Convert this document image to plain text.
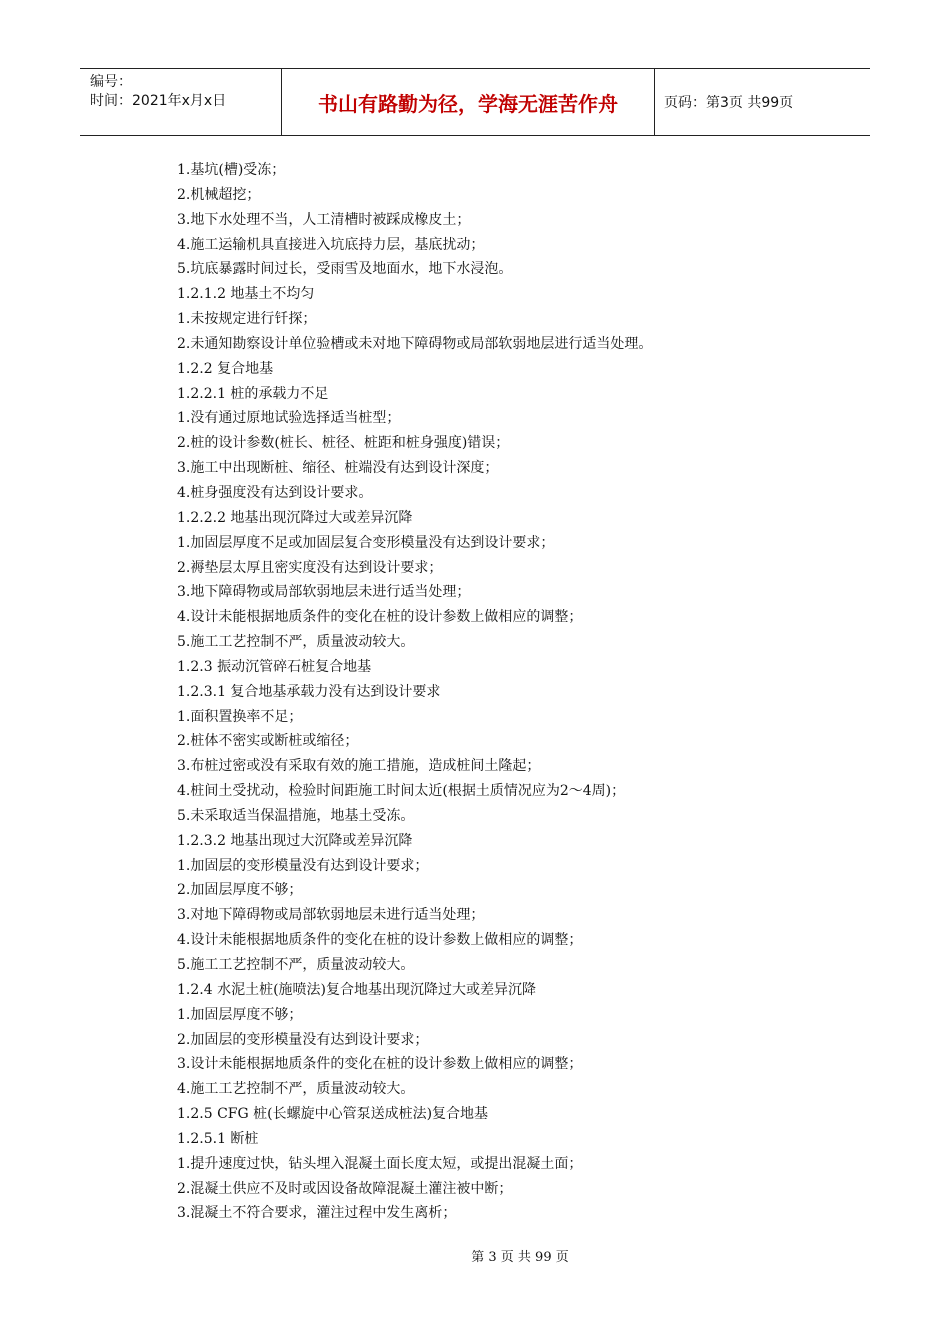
编号：
时间：2021年x月x日	书山有路勤为径，学海无涯苦作舟	页码：第3页 共99页
1.基坑(槽)受冻；
2.机械超挖；
3.地下水处理不当，人工清槽时被踩成橡皮土；
4.施工运输机具直接进入坑底持力层，基底扰动；
5.坑底暴露时间过长，受雨雪及地面水，地下水浸泡。
1.2.1.2 地基土不均匀
1.未按规定进行钎探；
2.未通知勘察设计单位验槽或未对地下障碍物或局部软弱地层进行适当处理。
1.2.2 复合地基
1.2.2.1 桩的承载力不足
1.没有通过原地试验选择适当桩型；
2.桩的设计参数(桩长、桩径、桩距和桩身强度)错误；
3.施工中出现断桩、缩径、桩端没有达到设计深度；
4.桩身强度没有达到设计要求。
1.2.2.2 地基出现沉降过大或差异沉降
1.加固层厚度不足或加固层复合变形模量没有达到设计要求；
2.褥垫层太厚且密实度没有达到设计要求；
3.地下障碍物或局部软弱地层未进行适当处理；
4.设计未能根据地质条件的变化在桩的设计参数上做相应的调整；
5.施工工艺控制不严，质量波动较大。
1.2.3 振动沉管碎石桩复合地基
1.2.3.1 复合地基承载力没有达到设计要求
1.面积置换率不足；
2.桩体不密实或断桩或缩径；
3.布桩过密或没有采取有效的施工措施，造成桩间土隆起；
4.桩间土受扰动，检验时间距施工时间太近(根据土质情况应为2～4周)；
5.未采取适当保温措施，地基土受冻。
1.2.3.2 地基出现过大沉降或差异沉降
1.加固层的变形模量没有达到设计要求；
2.加固层厚度不够；
3.对地下障碍物或局部软弱地层未进行适当处理；
4.设计未能根据地质条件的变化在桩的设计参数上做相应的调整；
5.施工工艺控制不严，质量波动较大。
1.2.4 水泥土桩(施喷法)复合地基出现沉降过大或差异沉降
1.加固层厚度不够；
2.加固层的变形模量没有达到设计要求；
3.设计未能根据地质条件的变化在桩的设计参数上做相应的调整；
4.施工工艺控制不严，质量波动较大。
1.2.5 CFG 桩(长螺旋中心管泵送成桩法)复合地基
1.2.5.1 断桩
1.提升速度过快，钻头埋入混凝土面长度太短，或提出混凝土面；
2.混凝土供应不及时或因设备故障混凝土灌注被中断；
3.混凝土不符合要求，灌注过程中发生离析；
第 3 页 共 99 页
